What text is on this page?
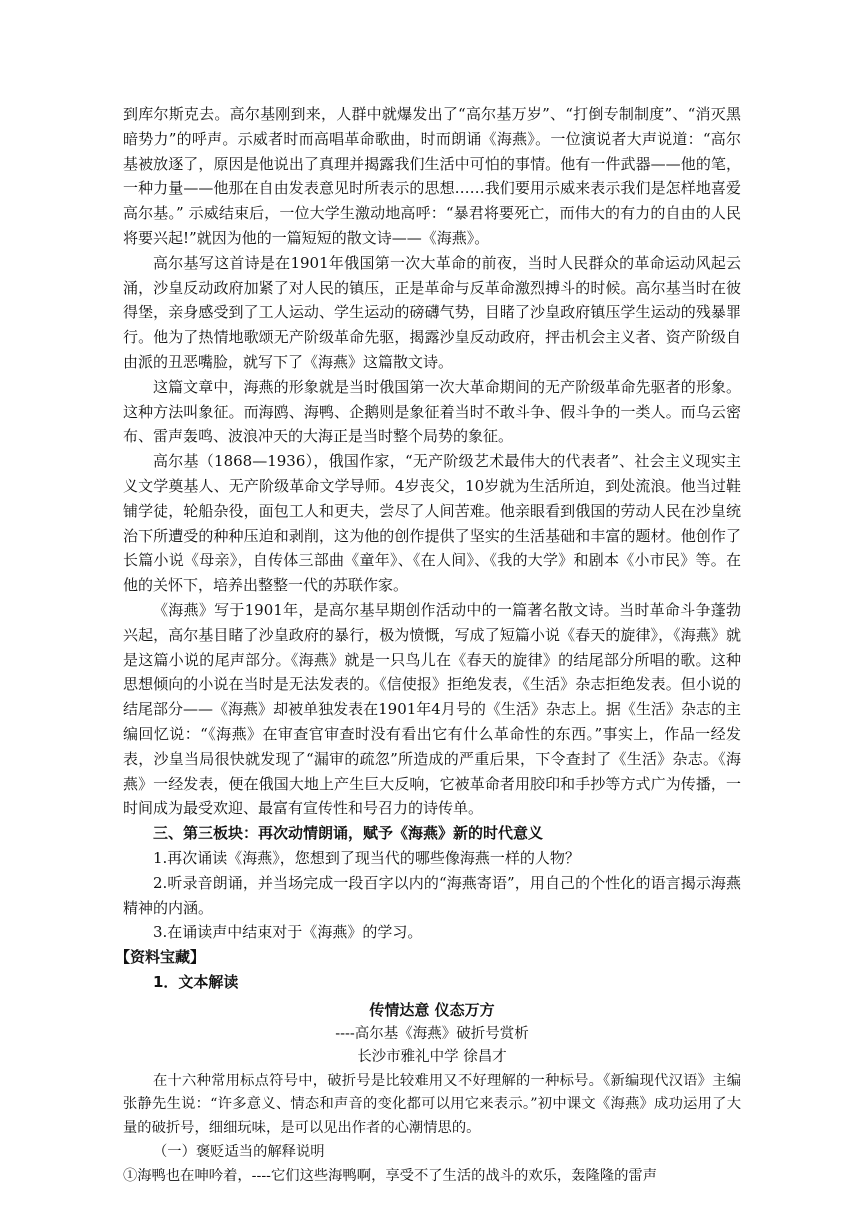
到库尔斯克去。高尔基刚到来，人群中就爆发出了“高尔基万岁”、“打倒专制制度”、“消灭黑暗势力”的呼声。示威者时而高唱革命歌曲，时而朗诵《海燕》。一位演说者大声说道：“高尔基被放逐了，原因是他说出了真理并揭露我们生活中可怕的事情。他有一件武器——他的笔，一种力量——他那在自由发表意见时所表示的思想……我们要用示威来表示我们是怎样地喜爱高尔基。” 示威结束后，一位大学生激动地高呼：“暴君将要死亡，而伟大的有力的自由的人民将要兴起!”就因为他的一篇短短的散文诗——《海燕》。

高尔基写这首诗是在1901年俄国第一次大革命的前夜，当时人民群众的革命运动风起云涌，沙皇反动政府加紧了对人民的镇压，正是革命与反革命激烈搏斗的时候。高尔基当时在彼得堡，亲身感受到了工人运动、学生运动的磅礴气势，目睹了沙皇政府镇压学生运动的残暴罪行。他为了热情地歌颂无产阶级革命先驱，揭露沙皇反动政府，抨击机会主义者、资产阶级自由派的丑恶嘴脸，就写下了《海燕》这篇散文诗。

这篇文章中，海燕的形象就是当时俄国第一次大革命期间的无产阶级革命先驱者的形象。这种方法叫象征。而海鸥、海鸭、企鹅则是象征着当时不敢斗争、假斗争的一类人。而乌云密布、雷声轰鸣、波浪冲天的大海正是当时整个局势的象征。

高尔基（1868—1936），俄国作家，“无产阶级艺术最伟大的代表者”、社会主义现实主义文学奠基人、无产阶级革命文学导师。4岁丧父，10岁就为生活所迫，到处流浪。他当过鞋铺学徒，轮船杂役，面包工人和更夫，尝尽了人间苦难。他亲眼看到俄国的劳动人民在沙皇统治下所遭受的种种压迫和剥削，这为他的创作提供了坚实的生活基础和丰富的题材。他创作了长篇小说《母亲》，自传体三部曲《童年》、《在人间》、《我的大学》和剧本《小市民》等。在他的关怀下，培养出整整一代的苏联作家。

《海燕》写于1901年，是高尔基早期创作活动中的一篇著名散文诗。当时革命斗争蓬勃兴起，高尔基目睹了沙皇政府的暴行，极为愤慨，写成了短篇小说《春天的旋律》，《海燕》就是这篇小说的尾声部分。《海燕》就是一只鸟儿在《春天的旋律》的结尾部分所唱的歌。这种思想倾向的小说在当时是无法发表的。《信使报》拒绝发表，《生活》杂志拒绝发表。但小说的结尾部分——《海燕》却被单独发表在1901年4月号的《生活》杂志上。据《生活》杂志的主编回忆说：“《海燕》在审查官审查时没有看出它有什么革命性的东西。”事实上，作品一经发表，沙皇当局很快就发现了“漏审的疏忽”所造成的严重后果，下令查封了《生活》杂志。《海燕》一经发表，便在俄国大地上产生巨大反响，它被革命者用胶印和手抄等方式广为传播，一时间成为最受欢迎、最富有宣传性和号召力的诗传单。

三、第三板块：再次动情朗诵，赋予《海燕》新的时代意义

1.再次诵读《海燕》，您想到了现当代的哪些像海燕一样的人物？

2.听录音朗诵，并当场完成一段百字以内的“海燕寄语”，用自己的个性化的语言揭示海燕精神的内涵。

3.在诵读声中结束对于《海燕》的学习。

【资料宝藏】

1．文本解读

传情达意 仪态万方

----高尔基《海燕》破折号赏析

长沙市雅礼中学 徐昌才

在十六种常用标点符号中，破折号是比较难用又不好理解的一种标号。《新编现代汉语》主编张静先生说：“许多意义、情态和声音的变化都可以用它来表示。”初中课文《海燕》成功运用了大量的破折号，细细玩味，是可以见出作者的心潮情思的。

（一）褒贬适当的解释说明

①海鸭也在呻吟着，----它们这些海鸭啊，享受不了生活的战斗的欢乐，轰隆隆的雷声
